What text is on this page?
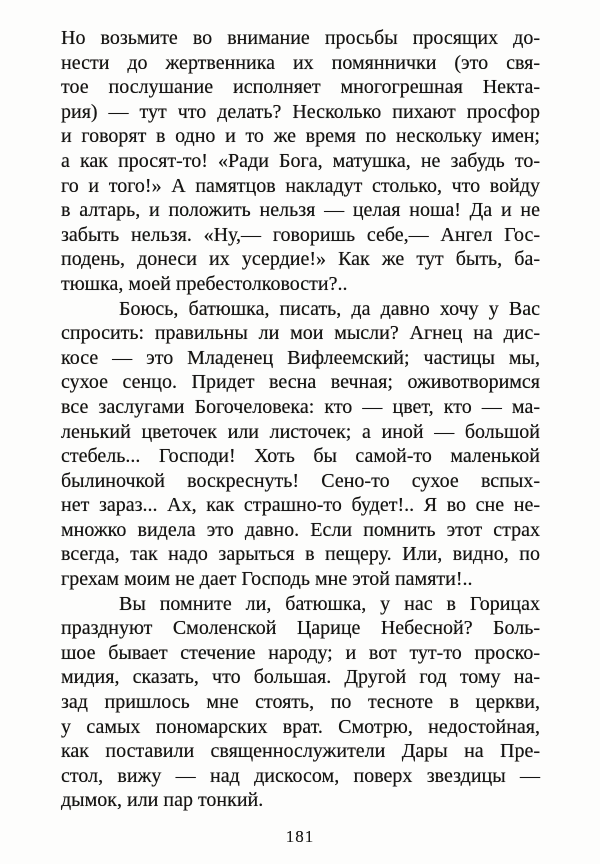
Но возьмите во внимание просьбы просящих до-
нести до жертвенника их помяннички (это свя-
тое послушание исполняет многогрешная Некта-
рия) — тут что делать? Несколько пихают просфор
и говорят в одно и то же время по нескольку имен;
а как просят-то! «Ради Бога, матушка, не забудь то-
го и того!» А памятцов накладут столько, что войду
в алтарь, и положить нельзя — целая ноша! Да и не
забыть нельзя. «Ну,— говоришь себе,— Ангел Гос-
подень, донеси их усердие!» Как же тут быть, ба-
тюшка, моей пребестолковости?..

Боюсь, батюшка, писать, да давно хочу у Вас
спросить: правильны ли мои мысли? Агнец на дис-
косе — это Младенец Вифлеемский; частицы мы,
сухое сенцо. Придет весна вечная; оживотворимся
все заслугами Богочеловека: кто — цвет, кто — ма-
ленький цветочек или листочек; а иной — большой
стебель... Господи! Хоть бы самой-то маленькой
былиночкой воскреснуть! Сено-то сухое вспых-
нет зараз... Ах, как страшно-то будет!.. Я во сне не-
множко видела это давно. Если помнить этот страх
всегда, так надо зарыться в пещеру. Или, видно, по
грехам моим не дает Господь мне этой памяти!..

Вы помните ли, батюшка, у нас в Горицах
празднуют Смоленской Царице Небесной? Боль-
шое бывает стечение народу; и вот тут-то проско-
мидия, сказать, что большая. Другой год тому на-
зад пришлось мне стоять, по тесноте в церкви,
у самых пономарских врат. Смотрю, недостойная,
как поставили священнослужители Дары на Пре-
стол, вижу — над дискосом, поверх звездицы —
дымок, или пар тонкий.

181
